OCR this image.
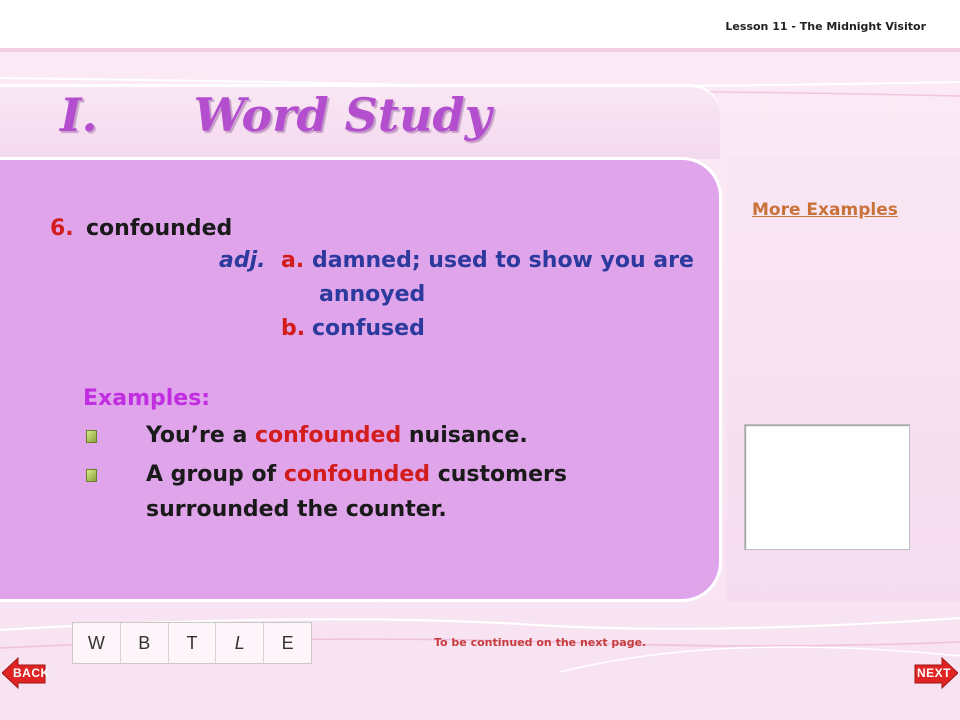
Lesson 11 - The Midnight Visitor
I.      Word Study
6. confounded
adj. a. damned; used to show you are
annoyed
b. confused
Examples:
You’re a confounded nuisance.
A group of confounded customers
surrounded the counter.
More Examples
W	B	T	L	E	To be continued on the next page.
BACK	NEXT
